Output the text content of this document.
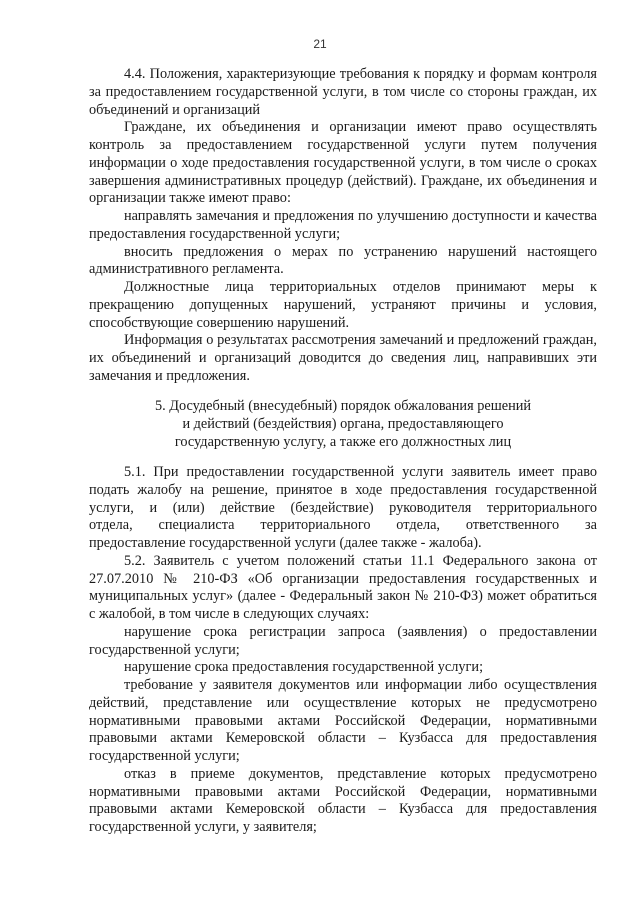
21

4.4. Положения, характеризующие требования к порядку и формам контроля за предоставлением государственной услуги, в том числе со стороны граждан, их объединений и организаций

Граждане, их объединения и организации имеют право осуществлять контроль за предоставлением государственной услуги путем получения информации о ходе предоставления государственной услуги, в том числе о сроках завершения административных процедур (действий). Граждане, их объединения и организации также имеют право:

направлять замечания и предложения по улучшению доступности и качества предоставления государственной услуги;

вносить предложения о мерах по устранению нарушений настоящего административного регламента.

Должностные лица территориальных отделов принимают меры к прекращению допущенных нарушений, устраняют причины и условия, способствующие совершению нарушений.

Информация о результатах рассмотрения замечаний и предложений граждан, их объединений и организаций доводится до сведения лиц, направивших эти замечания и предложения.

5. Досудебный (внесудебный) порядок обжалования решений

и действий (бездействия) органа, предоставляющего

государственную услугу, а также его должностных лиц

5.1. При предоставлении государственной услуги заявитель имеет право подать жалобу на решение, принятое в ходе предоставления государственной услуги, и (или) действие (бездействие) руководителя территориального

отдела, специалиста территориального отдела, ответственного за

предоставление государственной услуги (далее также - жалоба).

5.2. Заявитель с учетом положений статьи 11.1 Федерального закона от 27.07.2010 № 210-ФЗ «Об организации предоставления государственных и муниципальных услуг» (далее - Федеральный закон № 210-ФЗ) может обратиться с жалобой, в том числе в следующих случаях:

нарушение срока регистрации запроса (заявления) о предоставлении государственной услуги;

нарушение срока предоставления государственной услуги;

требование у заявителя документов или информации либо осуществления действий, представление или осуществление которых не предусмотрено нормативными правовыми актами Российской Федерации, нормативными правовыми актами Кемеровской области – Кузбасса для предоставления государственной услуги;

отказ в приеме документов, представление которых предусмотрено нормативными правовыми актами Российской Федерации, нормативными правовыми актами Кемеровской области – Кузбасса для предоставления государственной услуги, у заявителя;
